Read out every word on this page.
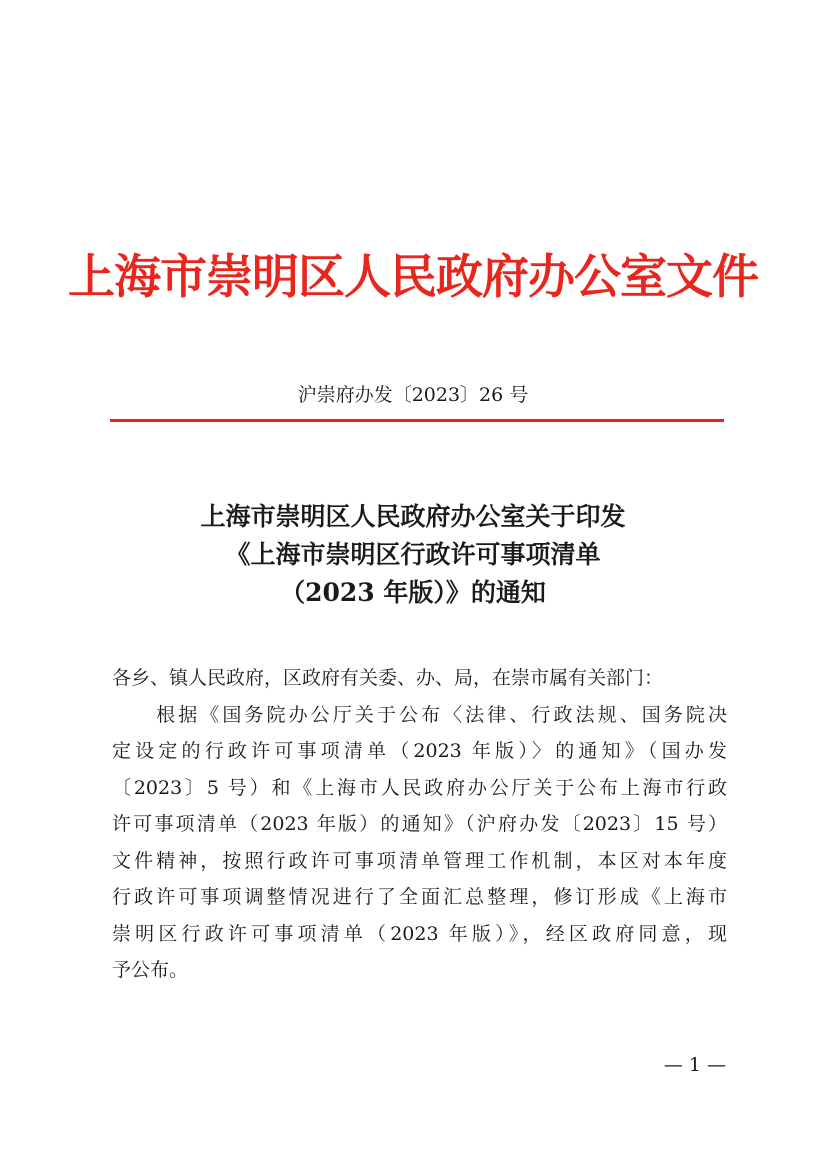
上海市崇明区人民政府办公室文件
沪崇府办发〔2023〕26 号
上海市崇明区人民政府办公室关于印发
《上海市崇明区行政许可事项清单
（2023 年版）》的通知
各乡、镇人民政府，区政府有关委、办、局，在崇市属有关部门：
　　根据《国务院办公厅关于公布〈法律、行政法规、国务院决
定设定的行政许可事项清单（2023 年版）〉的通知》（国办发
〔2023〕5 号）和《上海市人民政府办公厅关于公布上海市行政
许可事项清单（2023 年版）的通知》（沪府办发〔2023〕15 号）
文件精神，按照行政许可事项清单管理工作机制，本区对本年度
行政许可事项调整情况进行了全面汇总整理，修订形成《上海市
崇明区行政许可事项清单（2023 年版）》，经区政府同意，现
予公布。
— 1 —
